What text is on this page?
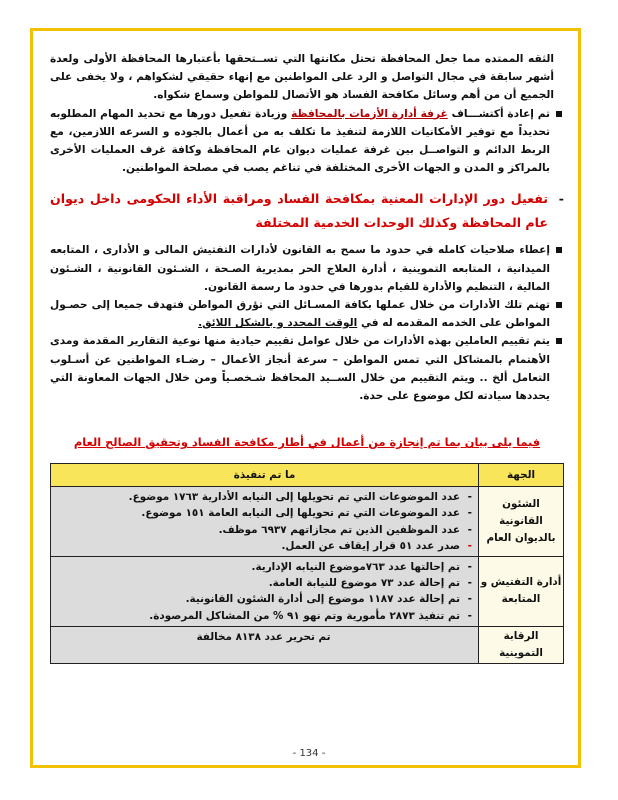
الثقه الممتده مما جعل المحافظة تحتل مكانتها التي تســتحقها بأعتبارها المحافظة الأولى ولعدة أشهر سابقة في مجال التواصل و الرد على المواطنين مع إنهاء حقيقي لشكواهم ، ولا يخفى على الجميع أن من أهم وسائل مكافحة الفساد هو الأتصال للمواطن وسماع شكواه.

تم إعادة أكتشـــاف غرفة أدارة الأزمات بالمحافظة وزيادة تفعيل دورها مع تحديد المهام المطلوبه تحديداً مع توفير الأمكانيات اللازمة لتنفيذ ما تكلف به من أعمال بالجوده و السرعه اللازمين، مع الربط الدائم و التواصــل بين غرفة عمليات ديوان عام المحافظة وكافة غرف العمليات الأخرى بالمراكز و المدن و الجهات الأخرى المختلفة في تناغم يصب في مصلحة المواطنين.
-
تفعيل دور الإدارات المعنية بمكافحة الفساد ومراقبة الأداء الحكومى داخل ديوان عام المحافظة وكذلك الوحدات الخدمية المختلفة
إعطاء صلاحيات كامله في حدود ما سمح به القانون لأدارات التفتيش المالى و الأدارى ، المتابعه الميدانية ، المتابعه التموينية ، أدارة العلاج الحر بمديرية الصـحة ، الشـئون القانونية ، الشـئون المالية ، التنظيم والأدارة للقيام بدورها في حدود ما رسمة القانون.
تهتم تلك الأدارات من خلال عملها بكافة المسـائل التي تؤرق المواطن فتهدف جميعا إلى حصـول المواطن على الخدمه المقدمه له في الوقت المحدد و بالشكل اللائق.
يتم تقييم العاملين بهذه الأدارات من خلال عوامل تقييم حيادية منها نوعية التقارير المقدمة ومدى الأهتمام بالمشاكل التي تمس المواطن – سرعة أنجاز الأعمال – رضـاء المواطنين عن أسـلوب التعامل ألخ .. ويتم التقييم من خلال الســيد المحافظ شـخصـياً ومن خلال الجهات المعاونة التي يحددها سيادته لكل موضوع على حدة.
فيما يلى بيان بما تم إنجازة من أعمال في أطار مكافحة الفساد وتحقيق الصالح العام
الجهة	ما تم تنفيذة
الشئون القانونية بالديوان العام	- عدد الموضوعات التي تم تحويلها إلى النيابه الأدارية ١٧٦٣ موضوع.
- عدد الموضوعات التي تم تحويلها إلى النيابه العامة ١٥١ موضوع.
- عدد الموظفين الذين تم مجازاتهم ٦٩٣٧ موظف.
- صدر عدد ٥١ قرار إيقاف عن العمل.

أدارة التفتيش و المتابعة	- تم إحالتها عدد ٧٦٣موضوع النيابه الإدارية.
- تم إحالة عدد ٧٣ موضوع للنيابة العامة.
- تم إحالة عدد ١١٨٧ موضوع إلى أدارة الشئون القانونية.
- تم تنفيذ ٢٨٧٣ مأمورية وتم نهو ٩١ % من المشاكل المرصودة.

الرقابة التموينية	تم تحرير عدد ٨١٣٨ مخالفة
- 134 -
